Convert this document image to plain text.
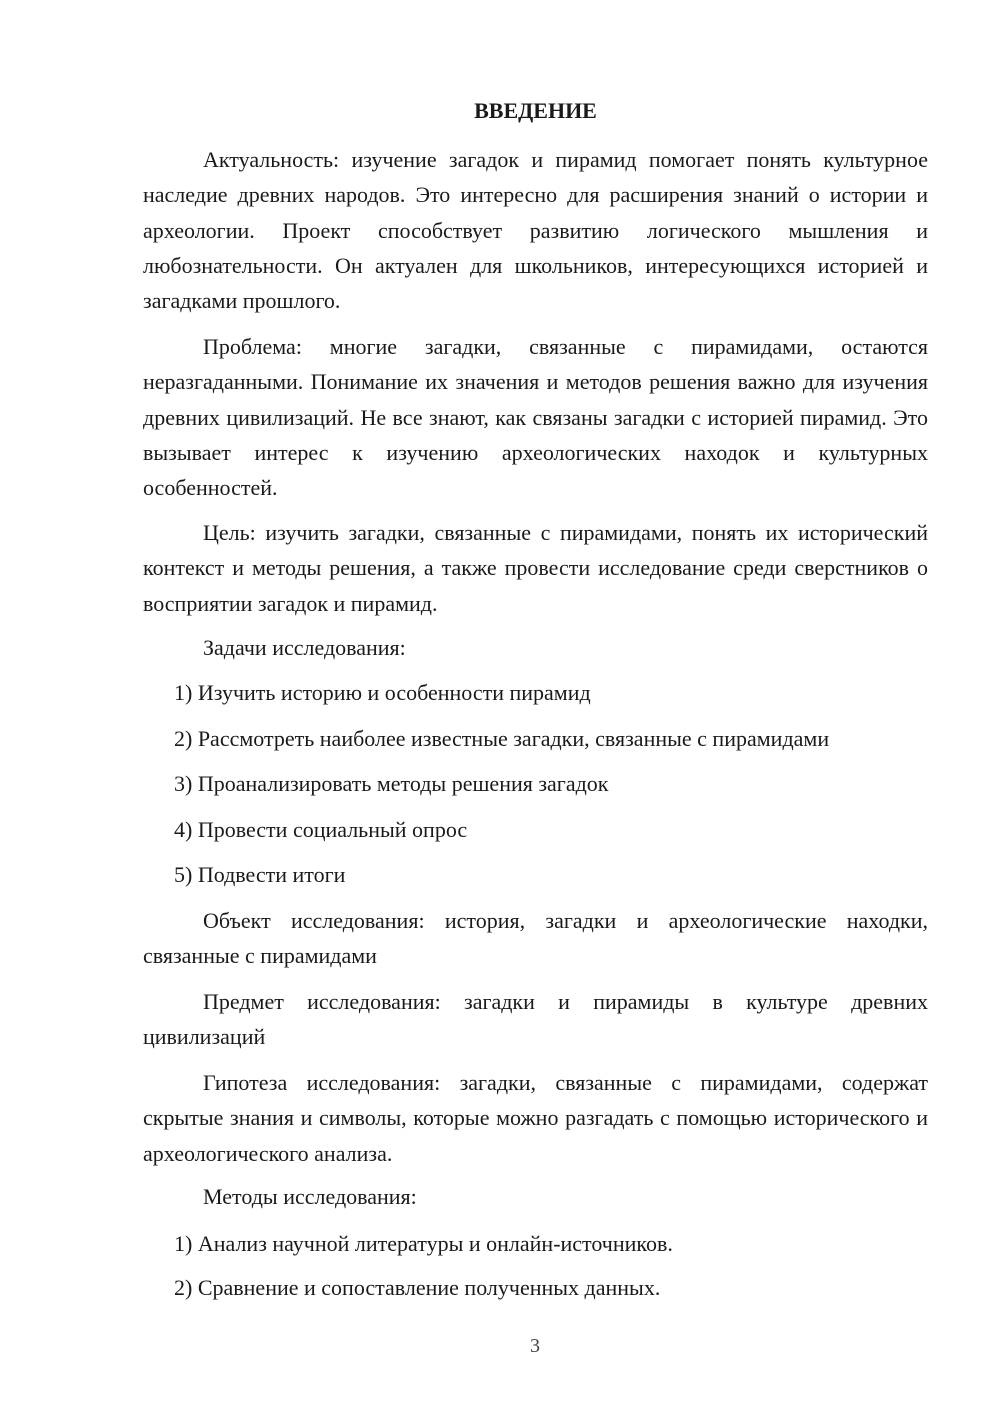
ВВЕДЕНИЕ

Актуальность: изучение загадок и пирамид помогает понять культурное наследие древних народов. Это интересно для расширения знаний о истории и археологии. Проект способствует развитию логического мышления и любознательности. Он актуален для школьников, интересующихся историей и загадками прошлого.

Проблема: многие загадки, связанные с пирамидами, остаются неразгаданными. Понимание их значения и методов решения важно для изучения древних цивилизаций. Не все знают, как связаны загадки с историей пирамид. Это вызывает интерес к изучению археологических находок и культурных особенностей.

Цель: изучить загадки, связанные с пирамидами, понять их исторический контекст и методы решения, а также провести исследование среди сверстников о восприятии загадок и пирамид.

Задачи исследования:

1) Изучить историю и особенности пирамид

2) Рассмотреть наиболее известные загадки, связанные с пирамидами

3) Проанализировать методы решения загадок

4) Провести социальный опрос

5) Подвести итоги

Объект исследования: история, загадки и археологические находки, связанные с пирамидами

Предмет исследования: загадки и пирамиды в культуре древних цивилизаций

Гипотеза исследования: загадки, связанные с пирамидами, содержат скрытые знания и символы, которые можно разгадать с помощью исторического и археологического анализа.

Методы исследования:

1) Анализ научной литературы и онлайн-источников.

2) Сравнение и сопоставление полученных данных.

3
